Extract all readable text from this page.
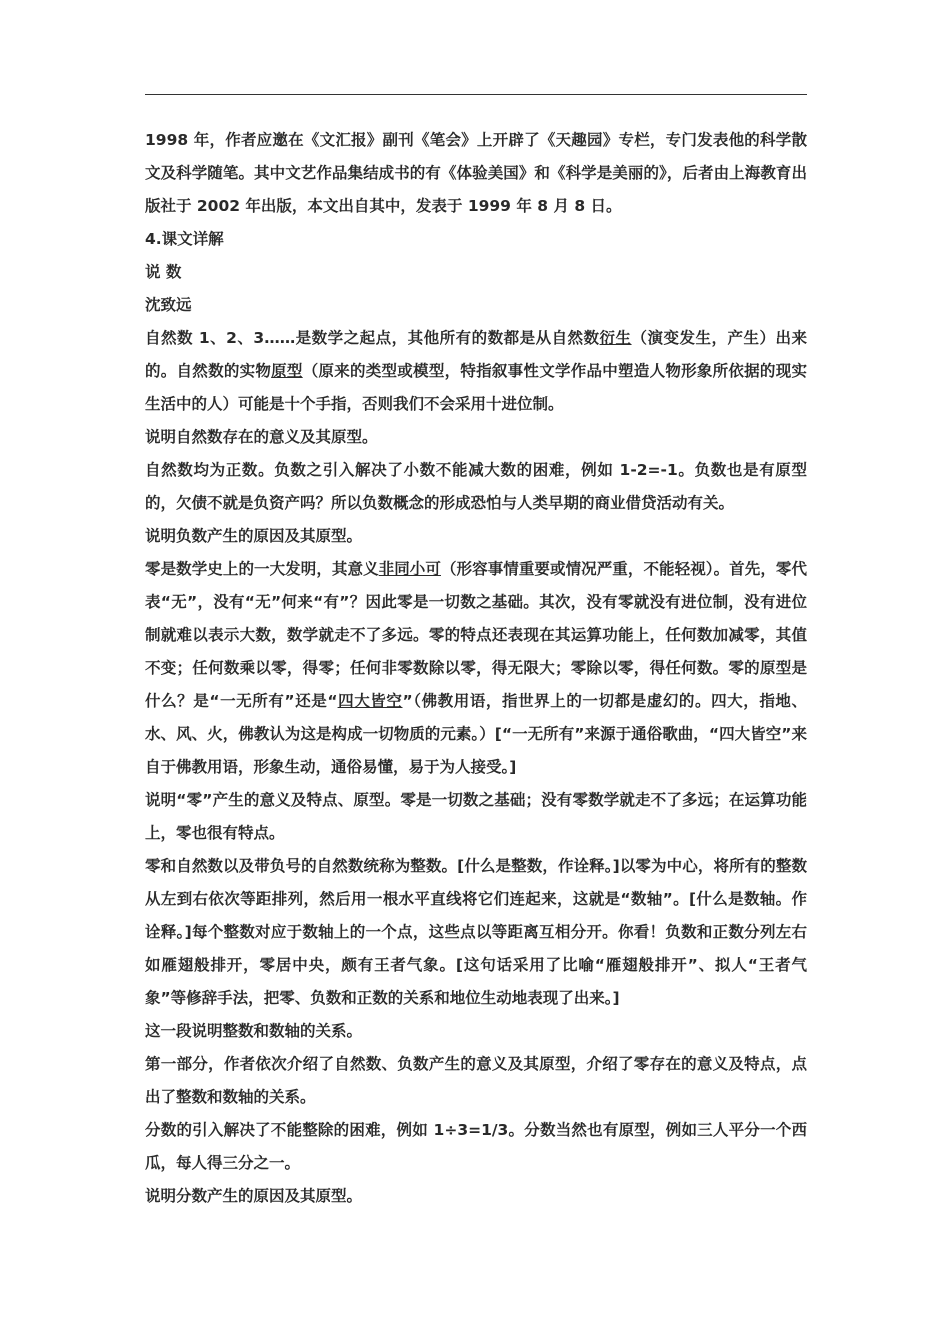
1998 年，作者应邀在《文汇报》副刊《笔会》上开辟了《天趣园》专栏，专门发表他的科学散文及科学随笔。其中文艺作品集结成书的有《体验美国》和《科学是美丽的》，后者由上海教育出版社于 2002 年出版，本文出自其中，发表于 1999 年 8 月 8 日。

4.课文详解

说 数

沈致远

自然数 1、2、3……是数学之起点，其他所有的数都是从自然数衍生（演变发生，产生）出来的。自然数的实物原型（原来的类型或模型，特指叙事性文学作品中塑造人物形象所依据的现实生活中的人）可能是十个手指，否则我们不会采用十进位制。

说明自然数存在的意义及其原型。

自然数均为正数。负数之引入解决了小数不能减大数的困难，例如 1-2=-1。负数也是有原型的，欠债不就是负资产吗？所以负数概念的形成恐怕与人类早期的商业借贷活动有关。

说明负数产生的原因及其原型。

零是数学史上的一大发明，其意义非同小可（形容事情重要或情况严重，不能轻视）。首先，零代表“无”，没有“无”何来“有”？因此零是一切数之基础。其次，没有零就没有进位制，没有进位制就难以表示大数，数学就走不了多远。零的特点还表现在其运算功能上，任何数加减零，其值不变；任何数乘以零，得零；任何非零数除以零，得无限大；零除以零，得任何数。零的原型是什么？是“一无所有”还是“四大皆空”（佛教用语，指世界上的一切都是虚幻的。四大，指地、水、风、火，佛教认为这是构成一切物质的元素。）[“一无所有”来源于通俗歌曲，“四大皆空”来自于佛教用语，形象生动，通俗易懂，易于为人接受。]

说明“零”产生的意义及特点、原型。零是一切数之基础；没有零数学就走不了多远；在运算功能上，零也很有特点。

零和自然数以及带负号的自然数统称为整数。[什么是整数，作诠释。]以零为中心，将所有的整数从左到右依次等距排列，然后用一根水平直线将它们连起来，这就是“数轴”。[什么是数轴。作诠释。]每个整数对应于数轴上的一个点，这些点以等距离互相分开。你看！负数和正数分列左右如雁翅般排开，零居中央，颇有王者气象。[这句话采用了比喻“雁翅般排开”、拟人“王者气象”等修辞手法，把零、负数和正数的关系和地位生动地表现了出来。]

这一段说明整数和数轴的关系。

第一部分，作者依次介绍了自然数、负数产生的意义及其原型，介绍了零存在的意义及特点，点出了整数和数轴的关系。

分数的引入解决了不能整除的困难，例如 1÷3=1/3。分数当然也有原型，例如三人平分一个西瓜，每人得三分之一。

说明分数产生的原因及其原型。
